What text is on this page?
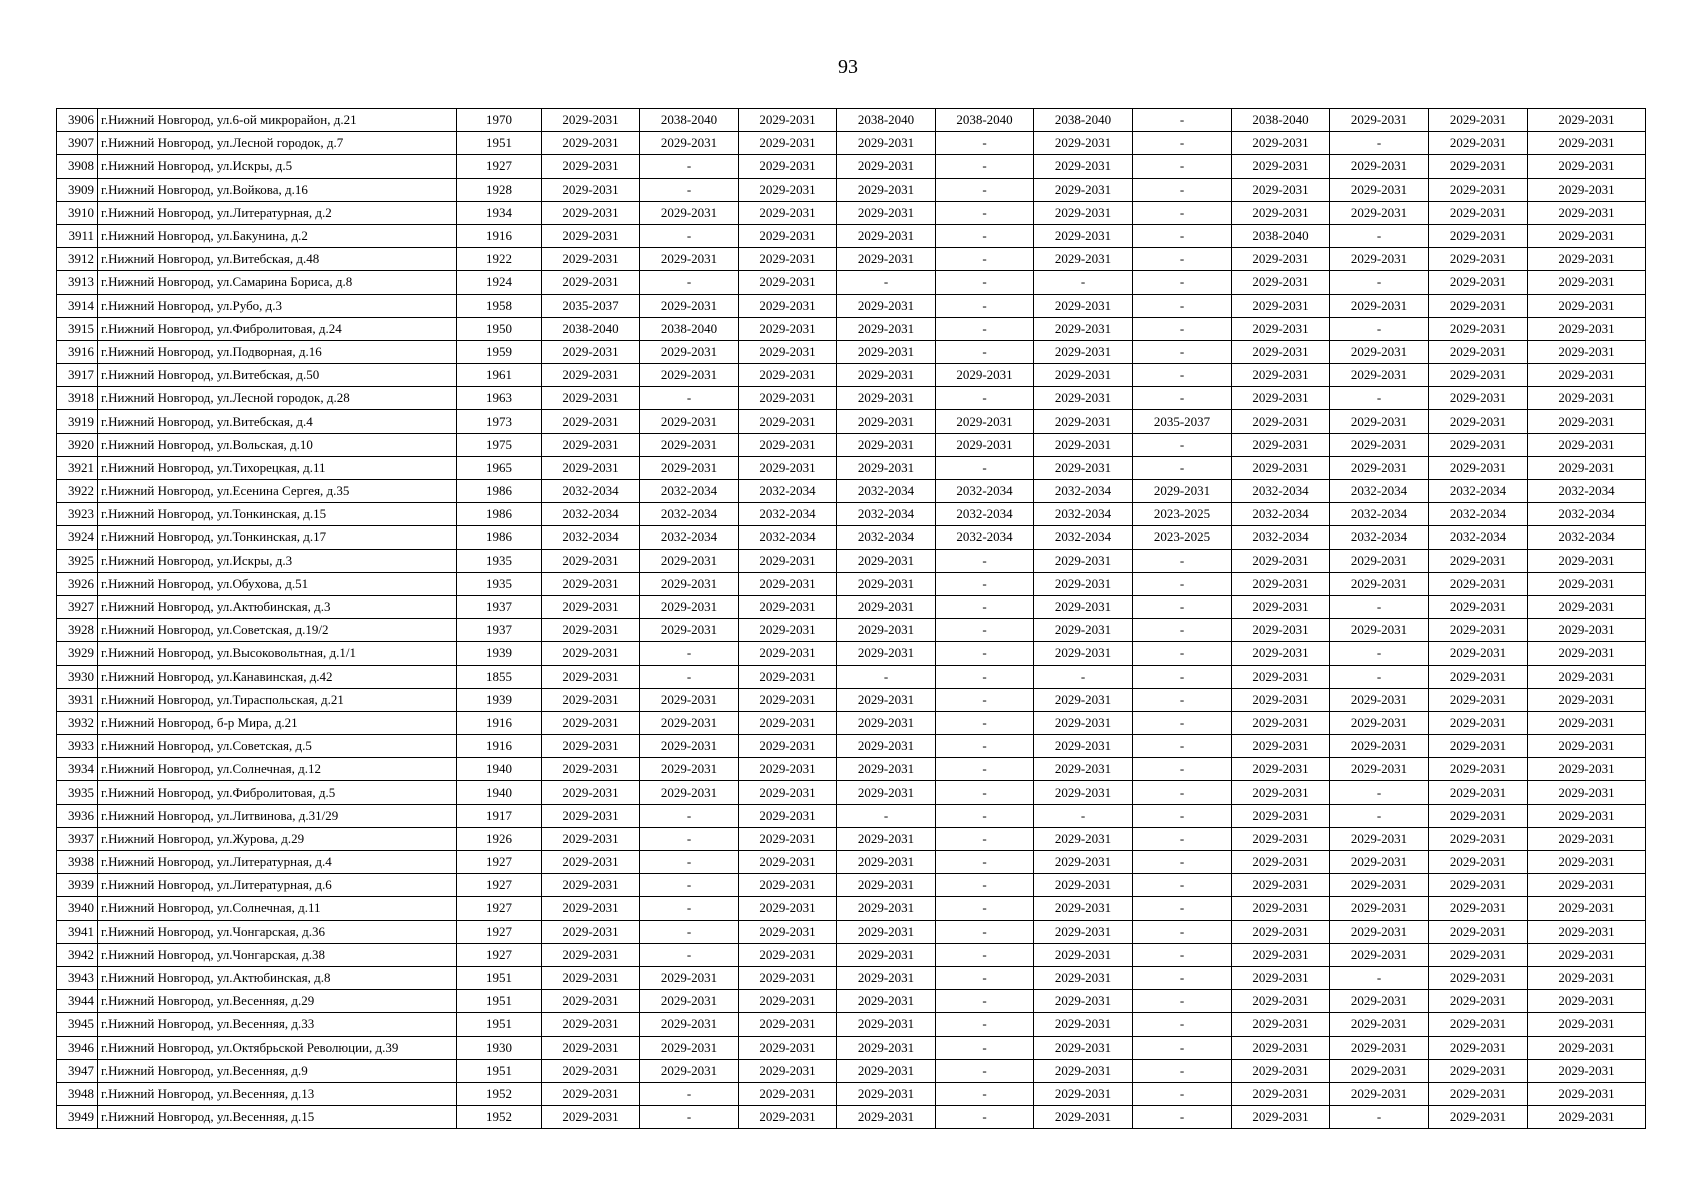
93
3906	г.Нижний Новгород, ул.6-ой микрорайон, д.21	1970	2029-2031	2038-2040	2029-2031	2038-2040	2038-2040	2038-2040	-	2038-2040	2029-2031	2029-2031	2029-2031
3907	г.Нижний Новгород, ул.Лесной городок, д.7	1951	2029-2031	2029-2031	2029-2031	2029-2031	-	2029-2031	-	2029-2031	-	2029-2031	2029-2031
3908	г.Нижний Новгород, ул.Искры, д.5	1927	2029-2031	-	2029-2031	2029-2031	-	2029-2031	-	2029-2031	2029-2031	2029-2031	2029-2031
3909	г.Нижний Новгород, ул.Войкова, д.16	1928	2029-2031	-	2029-2031	2029-2031	-	2029-2031	-	2029-2031	2029-2031	2029-2031	2029-2031
3910	г.Нижний Новгород, ул.Литературная, д.2	1934	2029-2031	2029-2031	2029-2031	2029-2031	-	2029-2031	-	2029-2031	2029-2031	2029-2031	2029-2031
3911	г.Нижний Новгород, ул.Бакунина, д.2	1916	2029-2031	-	2029-2031	2029-2031	-	2029-2031	-	2038-2040	-	2029-2031	2029-2031
3912	г.Нижний Новгород, ул.Витебская, д.48	1922	2029-2031	2029-2031	2029-2031	2029-2031	-	2029-2031	-	2029-2031	2029-2031	2029-2031	2029-2031
3913	г.Нижний Новгород, ул.Самарина Бориса, д.8	1924	2029-2031	-	2029-2031	-	-	-	-	2029-2031	-	2029-2031	2029-2031
3914	г.Нижний Новгород, ул.Рубо, д.3	1958	2035-2037	2029-2031	2029-2031	2029-2031	-	2029-2031	-	2029-2031	2029-2031	2029-2031	2029-2031
3915	г.Нижний Новгород, ул.Фибролитовая, д.24	1950	2038-2040	2038-2040	2029-2031	2029-2031	-	2029-2031	-	2029-2031	-	2029-2031	2029-2031
3916	г.Нижний Новгород, ул.Подворная, д.16	1959	2029-2031	2029-2031	2029-2031	2029-2031	-	2029-2031	-	2029-2031	2029-2031	2029-2031	2029-2031
3917	г.Нижний Новгород, ул.Витебская, д.50	1961	2029-2031	2029-2031	2029-2031	2029-2031	2029-2031	2029-2031	-	2029-2031	2029-2031	2029-2031	2029-2031
3918	г.Нижний Новгород, ул.Лесной городок, д.28	1963	2029-2031	-	2029-2031	2029-2031	-	2029-2031	-	2029-2031	-	2029-2031	2029-2031
3919	г.Нижний Новгород, ул.Витебская, д.4	1973	2029-2031	2029-2031	2029-2031	2029-2031	2029-2031	2029-2031	2035-2037	2029-2031	2029-2031	2029-2031	2029-2031
3920	г.Нижний Новгород, ул.Вольская, д.10	1975	2029-2031	2029-2031	2029-2031	2029-2031	2029-2031	2029-2031	-	2029-2031	2029-2031	2029-2031	2029-2031
3921	г.Нижний Новгород, ул.Тихорецкая, д.11	1965	2029-2031	2029-2031	2029-2031	2029-2031	-	2029-2031	-	2029-2031	2029-2031	2029-2031	2029-2031
3922	г.Нижний Новгород, ул.Есенина Сергея, д.35	1986	2032-2034	2032-2034	2032-2034	2032-2034	2032-2034	2032-2034	2029-2031	2032-2034	2032-2034	2032-2034	2032-2034
3923	г.Нижний Новгород, ул.Тонкинская, д.15	1986	2032-2034	2032-2034	2032-2034	2032-2034	2032-2034	2032-2034	2023-2025	2032-2034	2032-2034	2032-2034	2032-2034
3924	г.Нижний Новгород, ул.Тонкинская, д.17	1986	2032-2034	2032-2034	2032-2034	2032-2034	2032-2034	2032-2034	2023-2025	2032-2034	2032-2034	2032-2034	2032-2034
3925	г.Нижний Новгород, ул.Искры, д.3	1935	2029-2031	2029-2031	2029-2031	2029-2031	-	2029-2031	-	2029-2031	2029-2031	2029-2031	2029-2031
3926	г.Нижний Новгород, ул.Обухова, д.51	1935	2029-2031	2029-2031	2029-2031	2029-2031	-	2029-2031	-	2029-2031	2029-2031	2029-2031	2029-2031
3927	г.Нижний Новгород, ул.Актюбинская, д.3	1937	2029-2031	2029-2031	2029-2031	2029-2031	-	2029-2031	-	2029-2031	-	2029-2031	2029-2031
3928	г.Нижний Новгород, ул.Советская, д.19/2	1937	2029-2031	2029-2031	2029-2031	2029-2031	-	2029-2031	-	2029-2031	2029-2031	2029-2031	2029-2031
3929	г.Нижний Новгород, ул.Высоковольтная, д.1/1	1939	2029-2031	-	2029-2031	2029-2031	-	2029-2031	-	2029-2031	-	2029-2031	2029-2031
3930	г.Нижний Новгород, ул.Канавинская, д.42	1855	2029-2031	-	2029-2031	-	-	-	-	2029-2031	-	2029-2031	2029-2031
3931	г.Нижний Новгород, ул.Тираспольская, д.21	1939	2029-2031	2029-2031	2029-2031	2029-2031	-	2029-2031	-	2029-2031	2029-2031	2029-2031	2029-2031
3932	г.Нижний Новгород, б-р Мира, д.21	1916	2029-2031	2029-2031	2029-2031	2029-2031	-	2029-2031	-	2029-2031	2029-2031	2029-2031	2029-2031
3933	г.Нижний Новгород, ул.Советская, д.5	1916	2029-2031	2029-2031	2029-2031	2029-2031	-	2029-2031	-	2029-2031	2029-2031	2029-2031	2029-2031
3934	г.Нижний Новгород, ул.Солнечная, д.12	1940	2029-2031	2029-2031	2029-2031	2029-2031	-	2029-2031	-	2029-2031	2029-2031	2029-2031	2029-2031
3935	г.Нижний Новгород, ул.Фибролитовая, д.5	1940	2029-2031	2029-2031	2029-2031	2029-2031	-	2029-2031	-	2029-2031	-	2029-2031	2029-2031
3936	г.Нижний Новгород, ул.Литвинова, д.31/29	1917	2029-2031	-	2029-2031	-	-	-	-	2029-2031	-	2029-2031	2029-2031
3937	г.Нижний Новгород, ул.Журова, д.29	1926	2029-2031	-	2029-2031	2029-2031	-	2029-2031	-	2029-2031	2029-2031	2029-2031	2029-2031
3938	г.Нижний Новгород, ул.Литературная, д.4	1927	2029-2031	-	2029-2031	2029-2031	-	2029-2031	-	2029-2031	2029-2031	2029-2031	2029-2031
3939	г.Нижний Новгород, ул.Литературная, д.6	1927	2029-2031	-	2029-2031	2029-2031	-	2029-2031	-	2029-2031	2029-2031	2029-2031	2029-2031
3940	г.Нижний Новгород, ул.Солнечная, д.11	1927	2029-2031	-	2029-2031	2029-2031	-	2029-2031	-	2029-2031	2029-2031	2029-2031	2029-2031
3941	г.Нижний Новгород, ул.Чонгарская, д.36	1927	2029-2031	-	2029-2031	2029-2031	-	2029-2031	-	2029-2031	2029-2031	2029-2031	2029-2031
3942	г.Нижний Новгород, ул.Чонгарская, д.38	1927	2029-2031	-	2029-2031	2029-2031	-	2029-2031	-	2029-2031	2029-2031	2029-2031	2029-2031
3943	г.Нижний Новгород, ул.Актюбинская, д.8	1951	2029-2031	2029-2031	2029-2031	2029-2031	-	2029-2031	-	2029-2031	-	2029-2031	2029-2031
3944	г.Нижний Новгород, ул.Весенняя, д.29	1951	2029-2031	2029-2031	2029-2031	2029-2031	-	2029-2031	-	2029-2031	2029-2031	2029-2031	2029-2031
3945	г.Нижний Новгород, ул.Весенняя, д.33	1951	2029-2031	2029-2031	2029-2031	2029-2031	-	2029-2031	-	2029-2031	2029-2031	2029-2031	2029-2031
3946	г.Нижний Новгород, ул.Октябрьской Революции, д.39	1930	2029-2031	2029-2031	2029-2031	2029-2031	-	2029-2031	-	2029-2031	2029-2031	2029-2031	2029-2031
3947	г.Нижний Новгород, ул.Весенняя, д.9	1951	2029-2031	2029-2031	2029-2031	2029-2031	-	2029-2031	-	2029-2031	2029-2031	2029-2031	2029-2031
3948	г.Нижний Новгород, ул.Весенняя, д.13	1952	2029-2031	-	2029-2031	2029-2031	-	2029-2031	-	2029-2031	2029-2031	2029-2031	2029-2031
3949	г.Нижний Новгород, ул.Весенняя, д.15	1952	2029-2031	-	2029-2031	2029-2031	-	2029-2031	-	2029-2031	-	2029-2031	2029-2031
